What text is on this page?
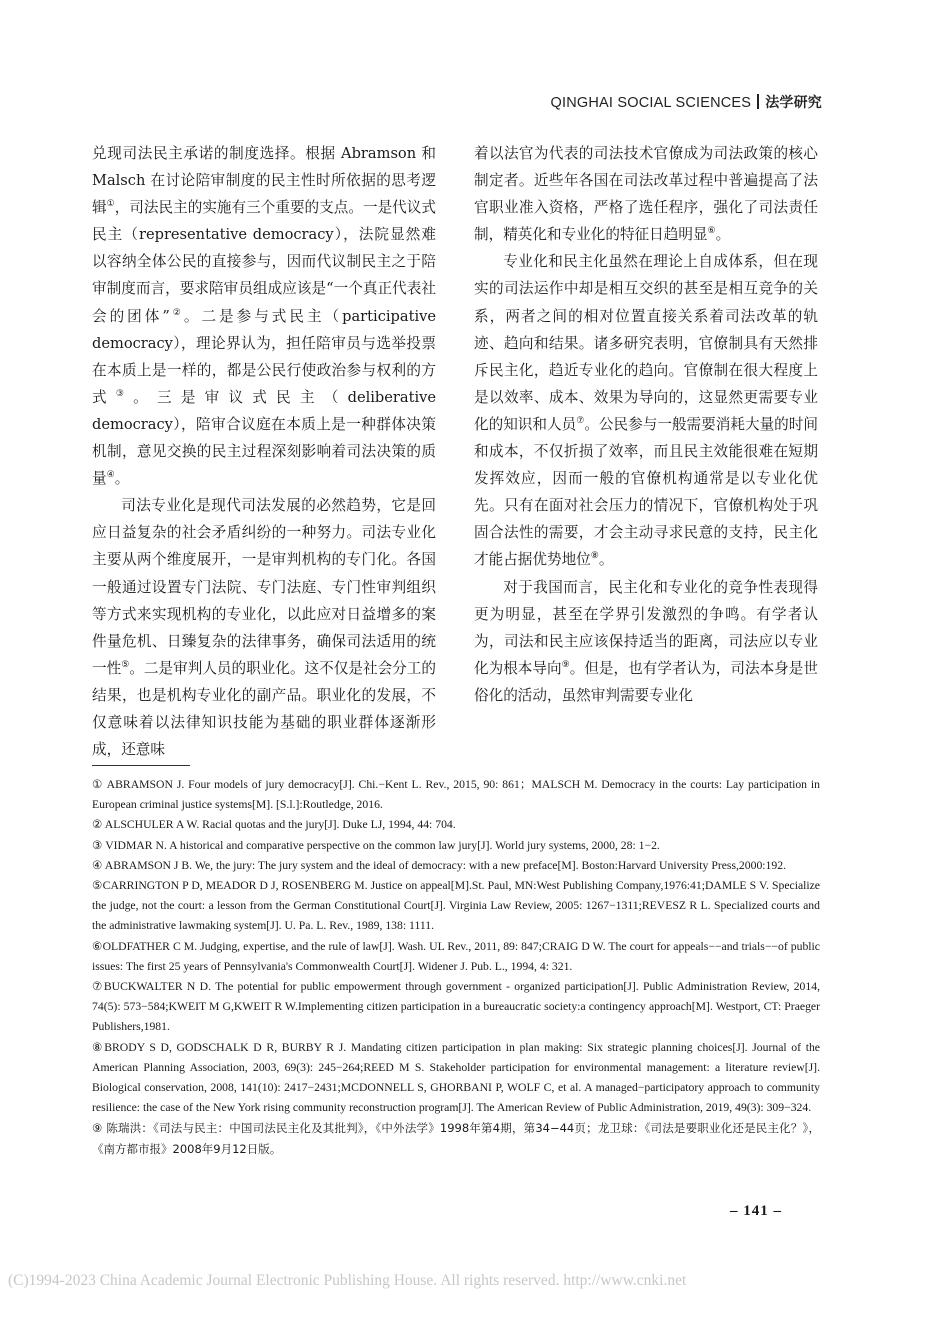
QINGHAI SOCIAL SCIENCES 法学研究

兑现司法民主承诺的制度选择。根据 Abramson 和 Malsch 在讨论陪审制度的民主性时所依据的思考逻辑①，司法民主的实施有三个重要的支点。一是代议式民主（representative democracy），法院显然难以容纳全体公民的直接参与，因而代议制民主之于陪审制度而言，要求陪审员组成应该是“一个真正代表社会的团体”②。二是参与式民主（participative democracy），理论界认为，担任陪审员与选举投票在本质上是一样的，都是公民行使政治参与权利的方式③。三是审议式民主（deliberative democracy），陪审合议庭在本质上是一种群体决策机制，意见交换的民主过程深刻影响着司法决策的质量④。

司法专业化是现代司法发展的必然趋势，它是回应日益复杂的社会矛盾纠纷的一种努力。司法专业化主要从两个维度展开，一是审判机构的专门化。各国一般通过设置专门法院、专门法庭、专门性审判组织等方式来实现机构的专业化，以此应对日益增多的案件量危机、日臻复杂的法律事务，确保司法适用的统一性⑤。二是审判人员的职业化。这不仅是社会分工的结果，也是机构专业化的副产品。职业化的发展，不仅意味着以法律知识技能为基础的职业群体逐渐形成，还意味

着以法官为代表的司法技术官僚成为司法政策的核心制定者。近些年各国在司法改革过程中普遍提高了法官职业准入资格，严格了选任程序，强化了司法责任制，精英化和专业化的特征日趋明显⑥。

专业化和民主化虽然在理论上自成体系，但在现实的司法运作中却是相互交织的甚至是相互竞争的关系，两者之间的相对位置直接关系着司法改革的轨迹、趋向和结果。诸多研究表明，官僚制具有天然排斥民主化，趋近专业化的趋向。官僚制在很大程度上是以效率、成本、效果为导向的，这显然更需要专业化的知识和人员⑦。公民参与一般需要消耗大量的时间和成本，不仅折损了效率，而且民主效能很难在短期发挥效应，因而一般的官僚机构通常是以专业化优先。只有在面对社会压力的情况下，官僚机构处于巩固合法性的需要，才会主动寻求民意的支持，民主化才能占据优势地位⑧。

对于我国而言，民主化和专业化的竞争性表现得更为明显，甚至在学界引发激烈的争鸣。有学者认为，司法和民主应该保持适当的距离，司法应以专业化为根本导向⑨。但是，也有学者认为，司法本身是世俗化的活动，虽然审判需要专业化

① ABRAMSON J. Four models of jury democracy[J]. Chi.−Kent L. Rev., 2015, 90: 861；MALSCH M. Democracy in the courts: Lay participation in European criminal justice systems[M]. [S.l.]:Routledge, 2016.

② ALSCHULER A W. Racial quotas and the jury[J]. Duke LJ, 1994, 44: 704.

③ VIDMAR N. A historical and comparative perspective on the common law jury[J]. World jury systems, 2000, 28: 1−2.

④ ABRAMSON J B. We, the jury: The jury system and the ideal of democracy: with a new preface[M]. Boston:Harvard University Press,2000:192.

⑤CARRINGTON P D, MEADOR D J, ROSENBERG M. Justice on appeal[M].St. Paul, MN:West Publishing Company,1976:41;DAMLE S V. Specialize the judge, not the court: a lesson from the German Constitutional Court[J]. Virginia Law Review, 2005: 1267−1311;REVESZ R L. Specialized courts and the administrative lawmaking system[J]. U. Pa. L. Rev., 1989, 138: 1111.

⑥OLDFATHER C M. Judging, expertise, and the rule of law[J]. Wash. UL Rev., 2011, 89: 847;CRAIG D W. The court for appeals−−and trials−−of public issues: The first 25 years of Pennsylvania's Commonwealth Court[J]. Widener J. Pub. L., 1994, 4: 321.

⑦BUCKWALTER N D. The potential for public empowerment through government - organized participation[J]. Public Administration Review, 2014, 74(5): 573−584;KWEIT M G,KWEIT R W.Implementing citizen participation in a bureaucratic society:a contingency approach[M]. Westport, CT: Praeger Publishers,1981.

⑧BRODY S D, GODSCHALK D R, BURBY R J. Mandating citizen participation in plan making: Six strategic planning choices[J]. Journal of the American Planning Association, 2003, 69(3): 245−264;REED M S. Stakeholder participation for environmental management: a literature review[J]. Biological conservation, 2008, 141(10): 2417−2431;MCDONNELL S, GHORBANI P, WOLF C, et al. A managed−participatory approach to community resilience: the case of the New York rising community reconstruction program[J]. The American Review of Public Administration, 2019, 49(3): 309−324.

⑨ 陈瑞洪：《司法与民主：中国司法民主化及其批判》，《中外法学》1998年第4期，第34−44页；龙卫球：《司法是要职业化还是民主化？》，《南方都市报》2008年9月12日版。

– 141 –
(C)1994-2023 China Academic Journal Electronic Publishing House. All rights reserved. http://www.cnki.net
